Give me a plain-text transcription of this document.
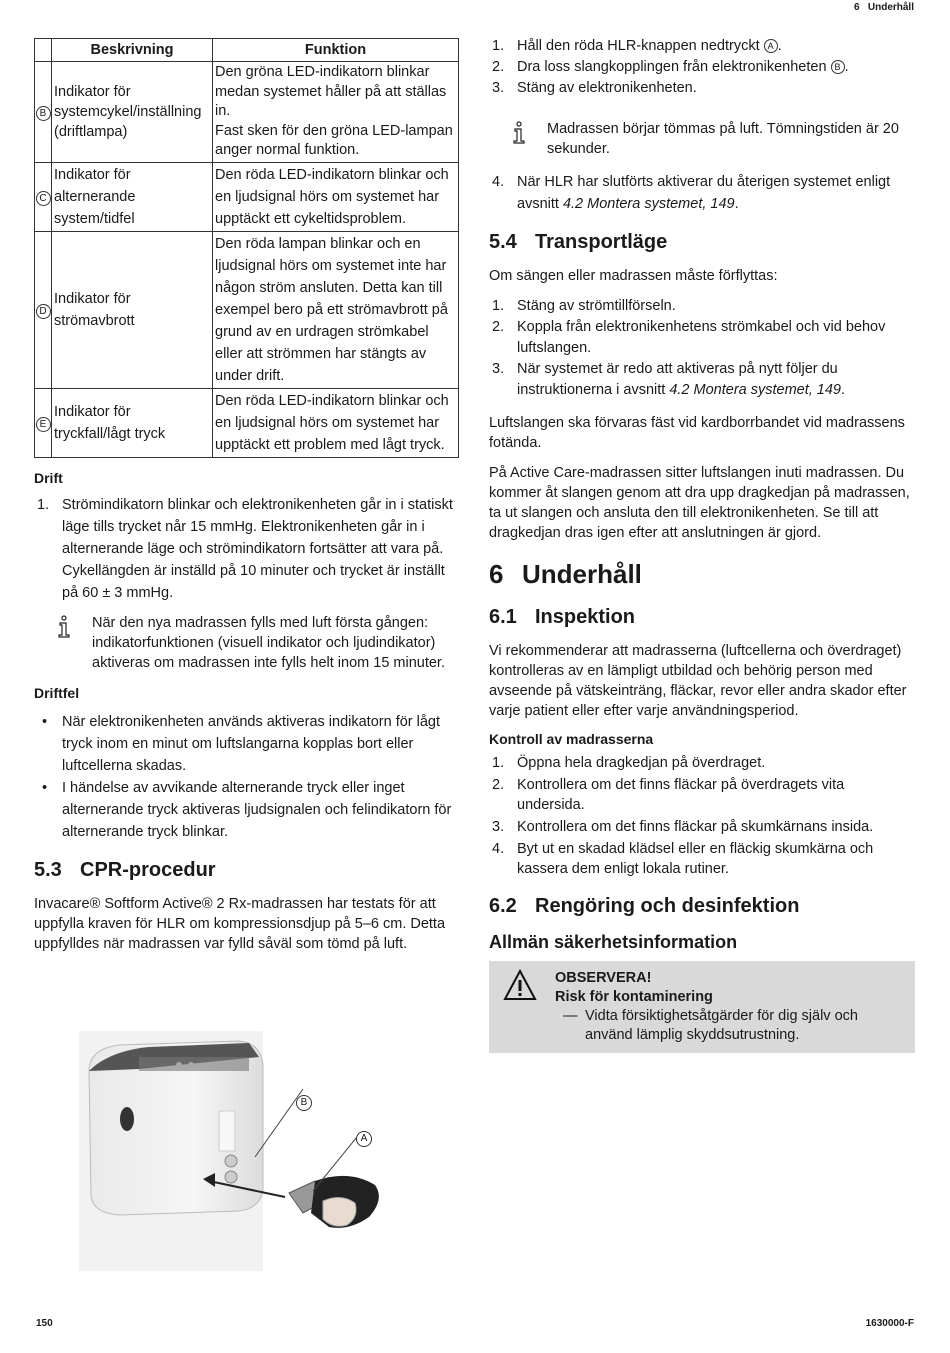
6 Underhåll
150	1630000-F
	Beskrivning	Funktion
B	Indikator för systemcykel/inställning (driftlampa)	Den gröna LED-indikatorn blinkar medan systemet håller på att ställas in.
Fast sken för den gröna LED-lampan anger normal funktion.

C	Indikator för alternerande system/tidfel	Den röda LED-indikatorn blinkar och en ljudsignal hörs om systemet har upptäckt ett cykeltidsproblem.
D	Indikator för strömavbrott	Den röda lampan blinkar och en ljudsignal hörs om systemet inte har någon ström ansluten. Detta kan till exempel bero på ett strömavbrott på grund av en urdragen strömkabel eller att strömmen har stängts av under drift.
E	Indikator för tryckfall/lågt tryck	Den röda LED-indikatorn blinkar och en ljudsignal hörs om systemet har upptäckt ett problem med lågt tryck.
Drift
1. Strömindikatorn blinkar och elektronikenheten går in i statiskt läge tills trycket når 15 mmHg. Elektronikenheten går in i alternerande läge och strömindikatorn fortsätter att vara på. Cykellängden är inställd på 10 minuter och trycket är inställt på 60 ± 3 mmHg.
När den nya madrassen fylls med luft första gången: indikatorfunktionen (visuell indikator och ljudindikator) aktiveras om madrassen inte fylls helt inom 15 minuter.
Driftfel
• När elektronikenheten används aktiveras indikatorn för lågt tryck inom en minut om luftslangarna kopplas bort eller luftcellerna skadas.
• I händelse av avvikande alternerande tryck eller inget alternerande tryck aktiveras ljudsignalen och felindikatorn för alternerande tryck blinkar.
5.3 CPR-procedur

Invacare® Softform Active® 2 Rx-madrassen har testats för att uppfylla kraven för HLR om kompressionsdjup på 5–6 cm. Detta uppfylldes när madrassen var fylld såväl som tömd på luft.

B
A
1. Håll den röda HLR-knappen nedtryckt A .
2. Dra loss slangkopplingen från elektronikenheten B .
3. Stäng av elektronikenheten.
Madrassen börjar tömmas på luft. Tömningstiden är 20 sekunder.
4. När HLR har slutförts aktiverar du återigen systemet enligt avsnitt 4.2 Montera systemet, 149.
5.4 Transportläge

Om sängen eller madrassen måste förflyttas:

1. Stäng av strömtillförseln.
2. Koppla från elektronikenhetens strömkabel och vid behov luftslangen.
3. När systemet är redo att aktiveras på nytt följer du instruktionerna i avsnitt 4.2 Montera systemet, 149.

Luftslangen ska förvaras fäst vid kardborrbandet vid madrassens fotända.

På Active Care-madrassen sitter luftslangen inuti madrassen. Du kommer åt slangen genom att dra upp dragkedjan på madrassen, ta ut slangen och ansluta den till elektronikenheten. Se till att dragkedjan dras igen efter att anslutningen är gjord.

6 Underhåll
6.1 Inspektion

Vi rekommenderar att madrasserna (luftcellerna och överdraget) kontrolleras av en lämpligt utbildad och behörig person med avseende på vätskeinträng, fläckar, revor eller andra skador efter varje patient eller efter varje användningsperiod.

Kontroll av madrasserna
1. Öppna hela dragkedjan på överdraget.
2. Kontrollera om det finns fläckar på överdragets vita undersida.
3. Kontrollera om det finns fläckar på skumkärnans insida.
4. Byt ut en skadad klädsel eller en fläckig skumkärna och kassera dem enligt lokala rutiner.
6.2 Rengöring och desinfektion
Allmän säkerhetsinformation
OBSERVERA!
Risk för kontaminering
— Vidta försiktighetsåtgärder för dig själv och använd lämplig skyddsutrustning.
